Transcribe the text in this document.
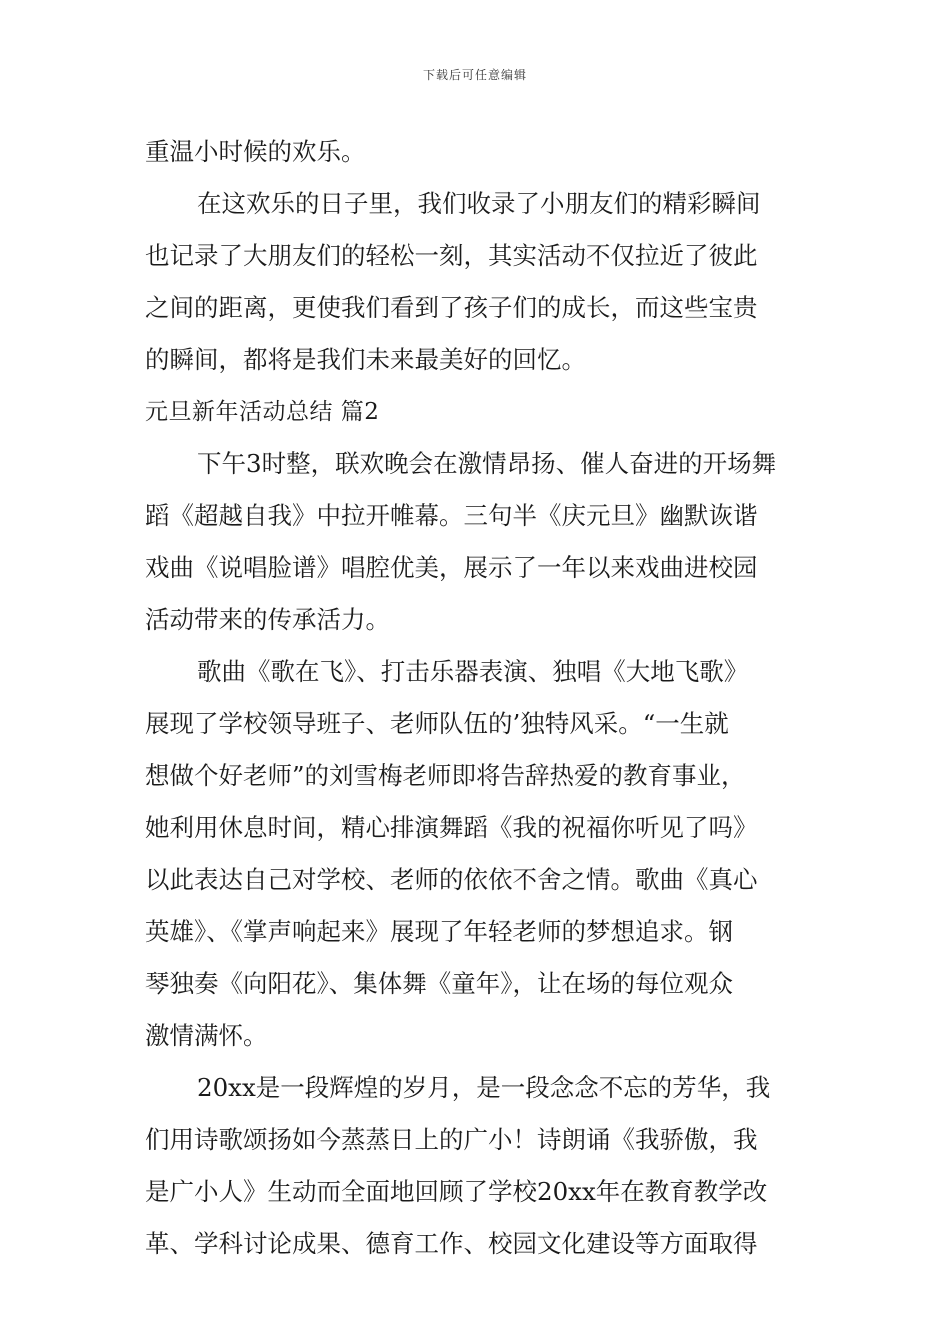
下载后可任意编辑
重温小时候的欢乐。
在这欢乐的日子里，我们收录了小朋友们的精彩瞬间
也记录了大朋友们的轻松一刻，其实活动不仅拉近了彼此
之间的距离，更使我们看到了孩子们的成长，而这些宝贵
的瞬间，都将是我们未来最美好的回忆。
元旦新年活动总结 篇2
下午3时整，联欢晚会在激情昂扬、催人奋进的开场舞
蹈《超越自我》中拉开帷幕。三句半《庆元旦》幽默诙谐
戏曲《说唱脸谱》唱腔优美，展示了一年以来戏曲进校园
活动带来的传承活力。
歌曲《歌在飞》、打击乐器表演、独唱《大地飞歌》
展现了学校领导班子、老师队伍的’独特风采。“一生就
想做个好老师”的刘雪梅老师即将告辞热爱的教育事业，
她利用休息时间，精心排演舞蹈《我的祝福你听见了吗》
以此表达自己对学校、老师的依依不舍之情。歌曲《真心
英雄》、《掌声响起来》展现了年轻老师的梦想追求。钢
琴独奏《向阳花》、集体舞《童年》，让在场的每位观众
激情满怀。
20xx是一段辉煌的岁月，是一段念念不忘的芳华，我
们用诗歌颂扬如今蒸蒸日上的广小！诗朗诵《我骄傲，我
是广小人》生动而全面地回顾了学校20xx年在教育教学改
革、学科讨论成果、德育工作、校园文化建设等方面取得
